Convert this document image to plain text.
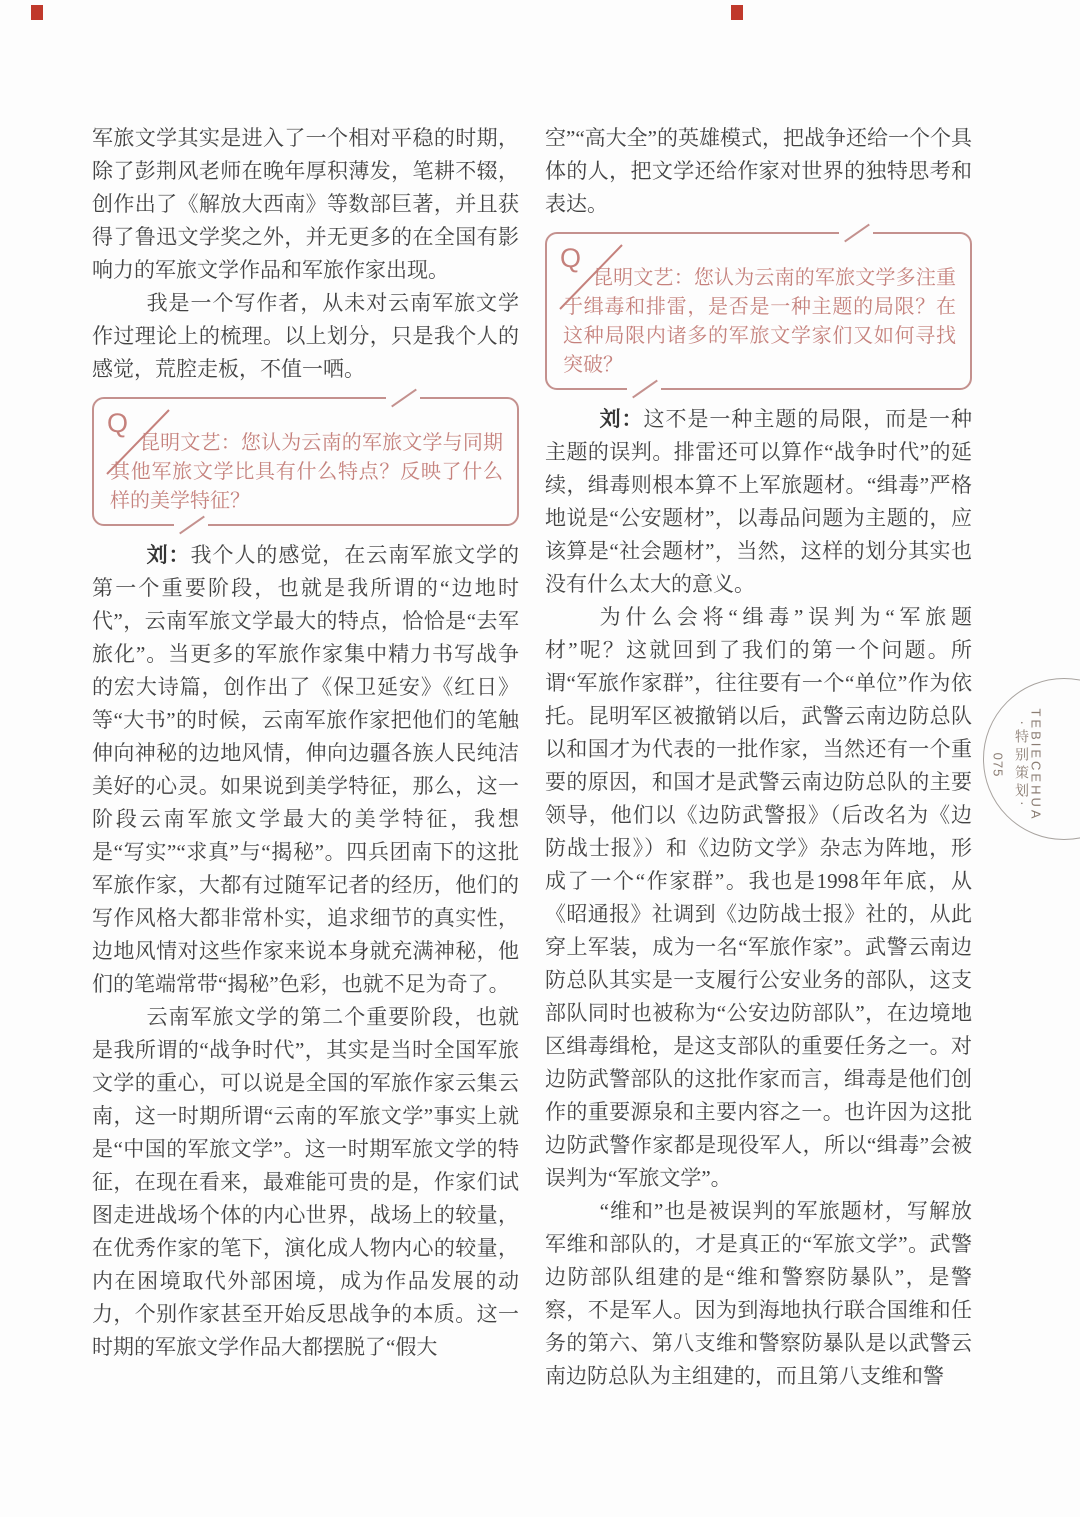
军旅文学其实是进入了一个相对平稳的时期，除了彭荆风老师在晚年厚积薄发，笔耕不辍，创作出了《解放大西南》等数部巨著，并且获得了鲁迅文学奖之外，并无更多的在全国有影响力的军旅文学作品和军旅作家出现。

我是一个写作者，从未对云南军旅文学作过理论上的梳理。以上划分，只是我个人的感觉，荒腔走板，不值一哂。

Q

昆明文艺：您认为云南的军旅文学与同期其他军旅文学比具有什么特点？反映了什么样的美学特征？

刘：我个人的感觉，在云南军旅文学的第一个重要阶段，也就是我所谓的“边地时代”，云南军旅文学最大的特点，恰恰是“去军旅化”。当更多的军旅作家集中精力书写战争的宏大诗篇，创作出了《保卫延安》《红日》等“大书”的时候，云南军旅作家把他们的笔触伸向神秘的边地风情，伸向边疆各族人民纯洁美好的心灵。如果说到美学特征，那么，这一阶段云南军旅文学最大的美学特征，我想是“写实”“求真”与“揭秘”。四兵团南下的这批军旅作家，大都有过随军记者的经历，他们的写作风格大都非常朴实，追求细节的真实性，边地风情对这些作家来说本身就充满神秘，他们的笔端常带“揭秘”色彩，也就不足为奇了。

云南军旅文学的第二个重要阶段，也就是我所谓的“战争时代”，其实是当时全国军旅文学的重心，可以说是全国的军旅作家云集云南，这一时期所谓“云南的军旅文学”事实上就是“中国的军旅文学”。这一时期军旅文学的特征，在现在看来，最难能可贵的是，作家们试图走进战场个体的内心世界，战场上的较量，在优秀作家的笔下，演化成人物内心的较量，内在困境取代外部困境，成为作品发展的动力，个别作家甚至开始反思战争的本质。这一时期的军旅文学作品大都摆脱了“假大

空”“高大全”的英雄模式，把战争还给一个个具体的人，把文学还给作家对世界的独特思考和表达。

Q

昆明文艺：您认为云南的军旅文学多注重于缉毒和排雷，是否是一种主题的局限？在这种局限内诸多的军旅文学家们又如何寻找突破？

刘：这不是一种主题的局限，而是一种主题的误判。排雷还可以算作“战争时代”的延续，缉毒则根本算不上军旅题材。“缉毒”严格地说是“公安题材”，以毒品问题为主题的，应该算是“社会题材”，当然，这样的划分其实也没有什么太大的意义。

为什么会将“缉毒”误判为“军旅题材”呢？这就回到了我们的第一个问题。所谓“军旅作家群”，往往要有一个“单位”作为依托。昆明军区被撤销以后，武警云南边防总队以和国才为代表的一批作家，当然还有一个重要的原因，和国才是武警云南边防总队的主要领导，他们以《边防武警报》（后改名为《边防战士报》）和《边防文学》杂志为阵地，形成了一个“作家群”。我也是1998年年底，从《昭通报》社调到《边防战士报》社的，从此穿上军装，成为一名“军旅作家”。武警云南边防总队其实是一支履行公安业务的部队，这支部队同时也被称为“公安边防部队”，在边境地区缉毒缉枪，是这支部队的重要任务之一。对边防武警部队的这批作家而言，缉毒是他们创作的重要源泉和主要内容之一。也许因为这批边防武警作家都是现役军人，所以“缉毒”会被误判为“军旅文学”。

“维和”也是被误判的军旅题材，写解放军维和部队的，才是真正的“军旅文学”。武警边防部队组建的是“维和警察防暴队”，是警察，不是军人。因为到海地执行联合国维和任务的第六、第八支维和警察防暴队是以武警云南边防总队为主组建的，而且第八支维和警

TEBIECEHUA
·特别策划·
075
